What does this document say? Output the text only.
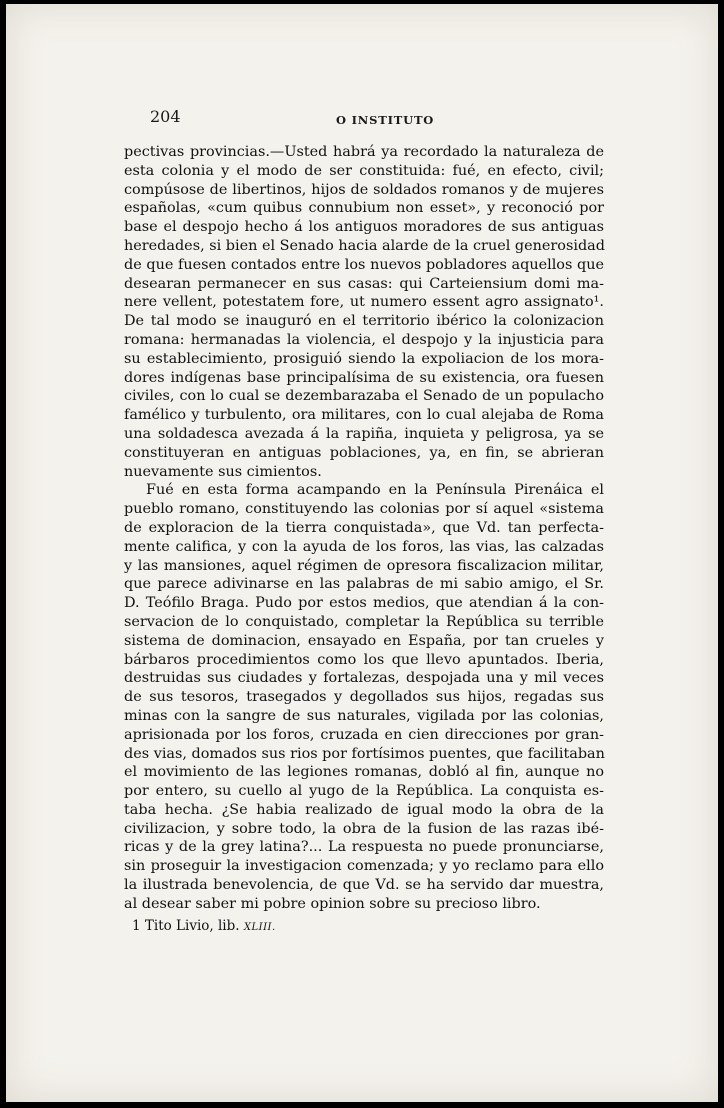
204	O INSTITUTO
pectivas provincias.—Usted habrá ya recordado la naturaleza de
esta colonia y el modo de ser constituida: fué, en efecto, civil;
compúsose de libertinos, hijos de soldados romanos y de mujeres
españolas, «cum quibus connubium non esset», y reconoció por
base el despojo hecho á los antiguos moradores de sus antiguas
heredades, si bien el Senado hacia alarde de la cruel generosidad
de que fuesen contados entre los nuevos pobladores aquellos que
desearan permanecer en sus casas: qui Carteiensium domi ma-
nere vellent, potestatem fore, ut numero essent agro assignato¹.
De tal modo se inauguró en el territorio ibérico la colonizacion
romana: hermanadas la violencia, el despojo y la injusticia para
su establecimiento, prosiguió siendo la expoliacion de los mora-
dores indígenas base principalísima de su existencia, ora fuesen
civiles, con lo cual se dezembarazaba el Senado de un populacho
famélico y turbulento, ora militares, con lo cual alejaba de Roma
una soldadesca avezada á la rapiña, inquieta y peligrosa, ya se
constituyeran en antiguas poblaciones, ya, en fin, se abrieran
nuevamente sus cimientos.
Fué en esta forma acampando en la Península Pirenáica el
pueblo romano, constituyendo las colonias por sí aquel «sistema
de exploracion de la tierra conquistada», que Vd. tan perfecta-
mente califica, y con la ayuda de los foros, las vias, las calzadas
y las mansiones, aquel régimen de opresora fiscalizacion militar,
que parece adivinarse en las palabras de mi sabio amigo, el Sr.
D. Teófilo Braga. Pudo por estos medios, que atendian á la con-
servacion de lo conquistado, completar la República su terrible
sistema de dominacion, ensayado en España, por tan crueles y
bárbaros procedimientos como los que llevo apuntados. Iberia,
destruidas sus ciudades y fortalezas, despojada una y mil veces
de sus tesoros, trasegados y degollados sus hijos, regadas sus
minas con la sangre de sus naturales, vigilada por las colonias,
aprisionada por los foros, cruzada en cien direcciones por gran-
des vias, domados sus rios por fortísimos puentes, que facilitaban
el movimiento de las legiones romanas, dobló al fin, aunque no
por entero, su cuello al yugo de la República. La conquista es-
taba hecha. ¿Se habia realizado de igual modo la obra de la
civilizacion, y sobre todo, la obra de la fusion de las razas ibé-
ricas y de la grey latina?... La respuesta no puede pronunciarse,
sin proseguir la investigacion comenzada; y yo reclamo para ello
la ilustrada benevolencia, de que Vd. se ha servido dar muestra,
al desear saber mi pobre opinion sobre su precioso libro.
1 Tito Livio, lib. XLIII.
